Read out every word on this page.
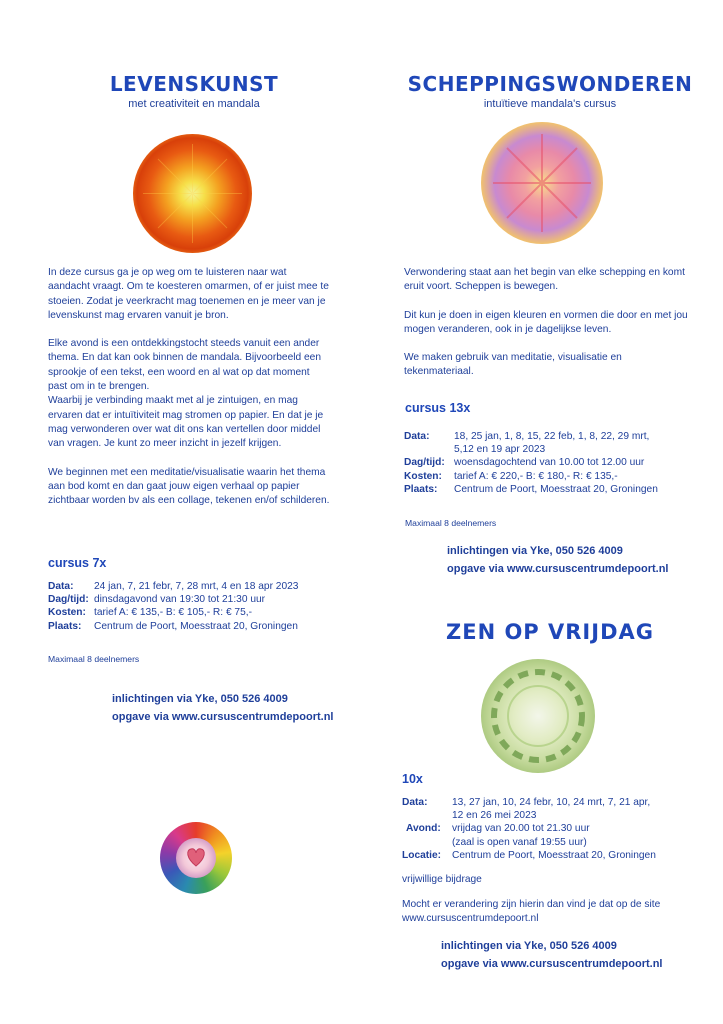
LEVENSKUNST
met creativiteit en mandala

In deze cursus ga je op weg om te luisteren naar wat aandacht vraagt. Om te koesteren omarmen, of er juist mee te stoeien. Zodat je veerkracht mag toenemen en je meer van je levenskunst mag ervaren vanuit je bron.

Elke avond is een ontdekkingstocht steeds vanuit een ander thema. En dat kan ook binnen de mandala. Bijvoorbeeld een sprookje of een tekst, een woord en al wat op dat moment past om in te brengen.
Waarbij je verbinding maakt met al je zintuigen, en mag ervaren dat er intuïtiviteit mag stromen op papier. En dat je je mag verwonderen over wat dit ons kan vertellen door middel van vragen. Je kunt zo meer inzicht in jezelf krijgen.

We beginnen met een meditatie/visualisatie waarin het thema aan bod komt en dan gaat jouw eigen verhaal op papier zichtbaar worden bv als een collage, tekenen en/of schilderen.

cursus 7x
Data:	24 jan, 7, 21 febr, 7, 28 mrt, 4 en 18 apr 2023
Dag/tijd: dinsdagavond van 19:30 tot 21:30 uur
Kosten: tarief A: € 135,- B: € 105,- R: € 75,-
Plaats:	Centrum de Poort, Moesstraat 20, Groningen
Maximaal 8 deelnemers
inlichtingen via Yke, 050 526 4009
opgave via www.cursuscentrumdepoort.nl
SCHEPPINGSWONDEREN
intuïtieve mandala's cursus

Verwondering staat aan het begin van elke schepping en komt eruit voort. Scheppen is bewegen.

Dit kun je doen in eigen kleuren en vormen die door en met jou mogen veranderen, ook in je dagelijkse leven.

We maken gebruik van meditatie, visualisatie en tekenmateriaal.

cursus 13x
Data:	18, 25 jan, 1, 8, 15, 22 feb, 1, 8, 22, 29 mrt,
5,12 en 19 apr 2023
Dag/tijd: woensdagochtend van 10.00 tot 12.00 uur
Kosten:	tarief A: € 220,- B: € 180,- R: € 135,-
Plaats:	Centrum de Poort, Moesstraat 20, Groningen
Maximaal 8 deelnemers
inlichtingen via Yke, 050 526 4009
opgave via www.cursuscentrumdepoort.nl
ZEN OP VRIJDAG
10x
Data:	13, 27 jan, 10, 24 febr, 10, 24 mrt, 7, 21 apr,
12 en 26 mei 2023
Avond:	vrijdag van 20.00 tot 21.30 uur
(zaal is open vanaf 19:55 uur)
Locatie:	Centrum de Poort, Moesstraat 20, Groningen
vrijwillige bijdrage
Mocht er verandering zijn hierin dan vind je dat op de site www.cursuscentrumdepoort.nl
inlichtingen via Yke, 050 526 4009
opgave via www.cursuscentrumdepoort.nl
